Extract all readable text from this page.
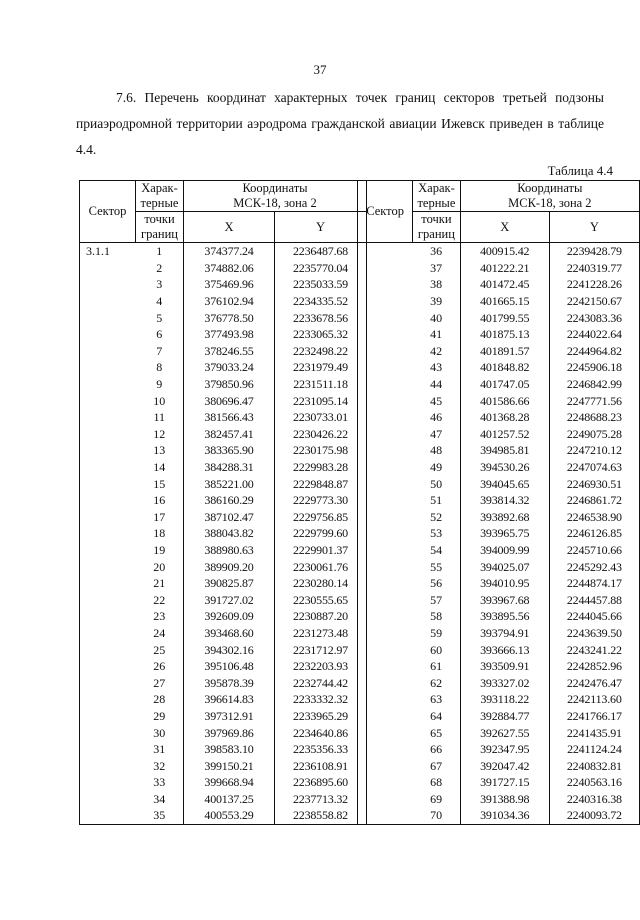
37
7.6. Перечень координат характерных точек границ секторов третьей подзоны приаэродромной территории аэродрома гражданской авиации Ижевск приведен в таблице 4.4.
Таблица 4.4
Сектор	Харак-
терные	Координаты
МСК-18, зона 2	
		X	Y
	точки
границ		
3.1.1	1	374377.24	2236487.68
	2	374882.06	2235770.04
	3	375469.96	2235033.59
	4	376102.94	2234335.52
	5	376778.50	2233678.56
	6	377493.98	2233065.32
	7	378246.55	2232498.22
	8	379033.24	2231979.49
	9	379850.96	2231511.18
	10	380696.47	2231095.14
	11	381566.43	2230733.01
	12	382457.41	2230426.22
	13	383365.90	2230175.98
	14	384288.31	2229983.28
	15	385221.00	2229848.87
	16	386160.29	2229773.30
	17	387102.47	2229756.85
	18	388043.82	2229799.60
	19	388980.63	2229901.37
	20	389909.20	2230061.76
	21	390825.87	2230280.14
	22	391727.02	2230555.65
	23	392609.09	2230887.20
	24	393468.60	2231273.48
	25	394302.16	2231712.97
	26	395106.48	2232203.93
	27	395878.39	2232744.42
	28	396614.83	2233332.32
	29	397312.91	2233965.29
	30	397969.86	2234640.86
	31	398583.10	2235356.33
	32	399150.21	2236108.91
	33	399668.94	2236895.60
	34	400137.25	2237713.32
	35	400553.29	2238558.82
Сектор	Харак-
терные	Координаты
МСК-18, зона 2	
		X	Y
	точки
границ		
	36	400915.42	2239428.79
	37	401222.21	2240319.77
	38	401472.45	2241228.26
	39	401665.15	2242150.67
	40	401799.55	2243083.36
	41	401875.13	2244022.64
	42	401891.57	2244964.82
	43	401848.82	2245906.18
	44	401747.05	2246842.99
	45	401586.66	2247771.56
	46	401368.28	2248688.23
	47	401257.52	2249075.28
	48	394985.81	2247210.12
	49	394530.26	2247074.63
	50	394045.65	2246930.51
	51	393814.32	2246861.72
	52	393892.68	2246538.90
	53	393965.75	2246126.85
	54	394009.99	2245710.66
	55	394025.07	2245292.43
	56	394010.95	2244874.17
	57	393967.68	2244457.88
	58	393895.56	2244045.66
	59	393794.91	2243639.50
	60	393666.13	2243241.22
	61	393509.91	2242852.96
	62	393327.02	2242476.47
	63	393118.22	2242113.60
	64	392884.77	2241766.17
	65	392627.55	2241435.91
	66	392347.95	2241124.24
	67	392047.42	2240832.81
	68	391727.15	2240563.16
	69	391388.98	2240316.38
	70	391034.36	2240093.72
